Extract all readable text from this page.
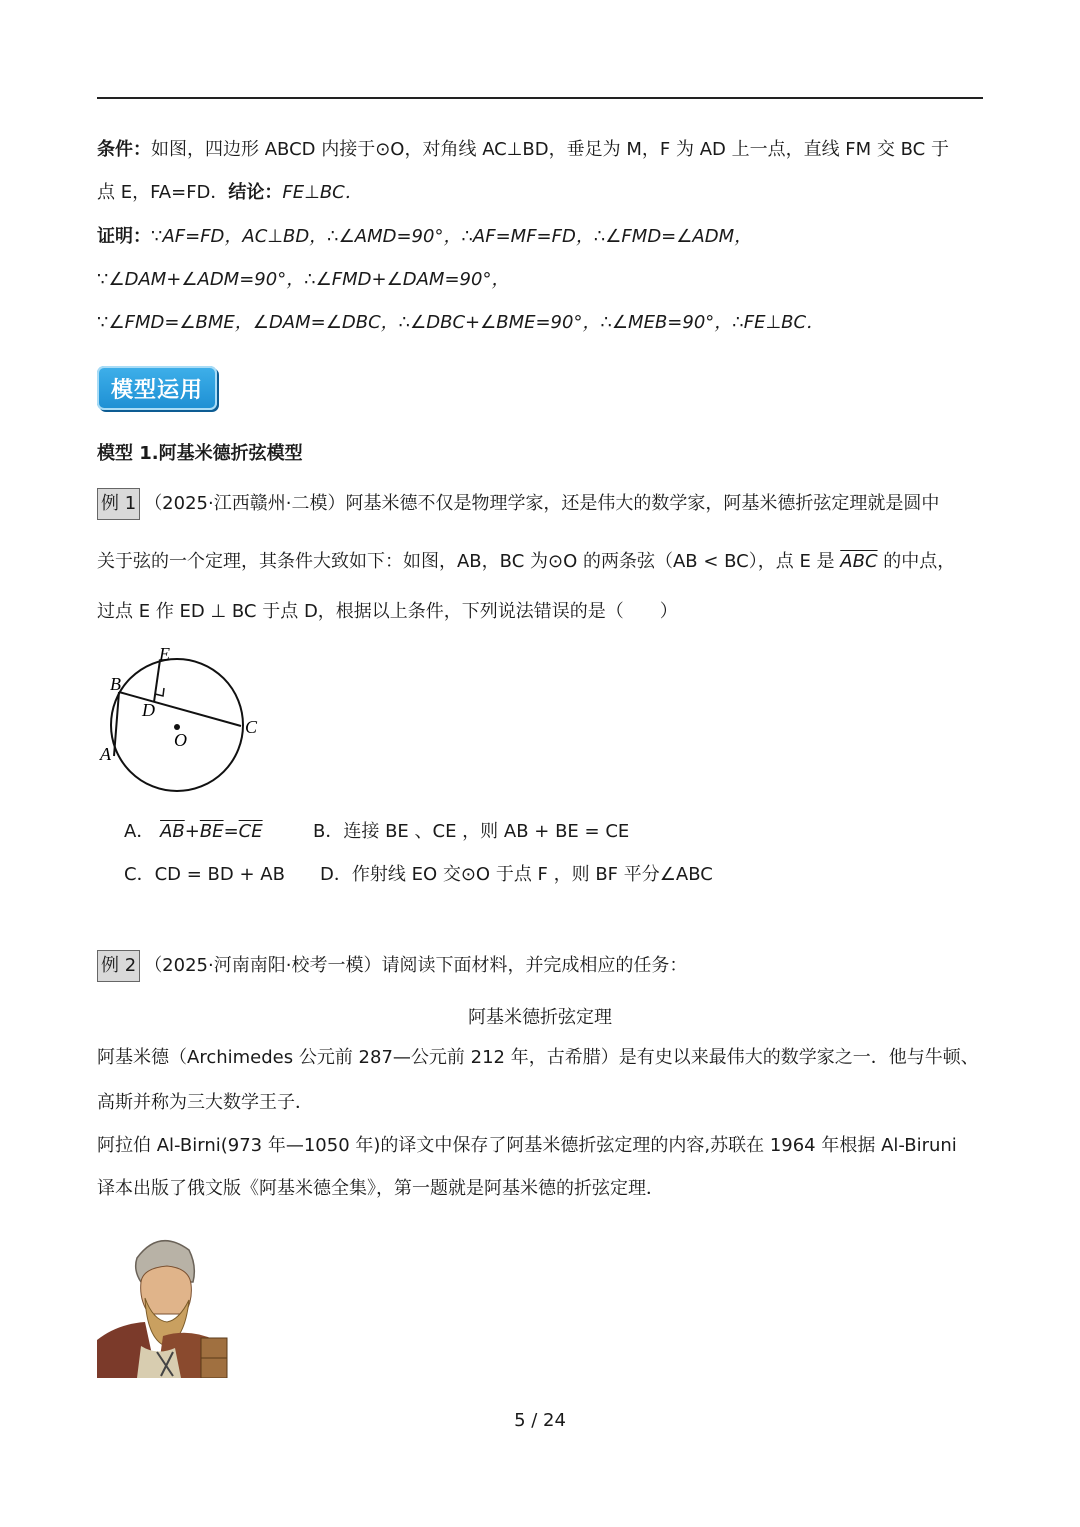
条件：如图，四边形 ABCD 内接于⊙O，对角线 AC⊥BD，垂足为 M，F 为 AD 上一点，直线 FM 交 BC 于
点 E，FA=FD．结论：FE⊥BC．
证明：∵AF=FD，AC⊥BD，∴∠AMD=90°，∴AF=MF=FD，∴∠FMD=∠ADM，
∵∠DAM+∠ADM=90°，∴∠FMD+∠DAM=90°，
∵∠FMD=∠BME，∠DAM=∠DBC，∴∠DBC+∠BME=90°，∴∠MEB=90°，∴FE⊥BC．
模型运用
模型 1.阿基米德折弦模型
例 1 （2025·江西赣州·二模）阿基米德不仅是物理学家，还是伟大的数学家，阿基米德折弦定理就是圆中
关于弦的一个定理，其条件大致如下：如图，AB，BC 为⊙O 的两条弦（AB < BC），点 E 是 $\overline{ABC}$ 的中点，
过点 E 作 ED ⊥ BC 于点 D，根据以上条件，下列说法错误的是（　　）
E
B
D
O
C
A
A． $\overline{AB}+\overline{BE}=\overline{CE}$	B．连接 BE 、CE ，则 AB + BE = CE
C．CD = BD + AB D．作射线 EO 交⊙O 于点 F ，则 BF 平分∠ABC
例 2 （2025·河南南阳·校考一模）请阅读下面材料，并完成相应的任务：
阿基米德折弦定理
阿基米德（Archimedes 公元前 287—公元前 212 年，古希腊）是有史以来最伟大的数学家之一．他与牛顿、
高斯并称为三大数学王子．
阿拉伯 Al-Birni(973 年—1050 年)的译文中保存了阿基米德折弦定理的内容,苏联在 1964 年根据 Al-Biruni
译本出版了俄文版《阿基米德全集》，第一题就是阿基米德的折弦定理．
5 / 24
